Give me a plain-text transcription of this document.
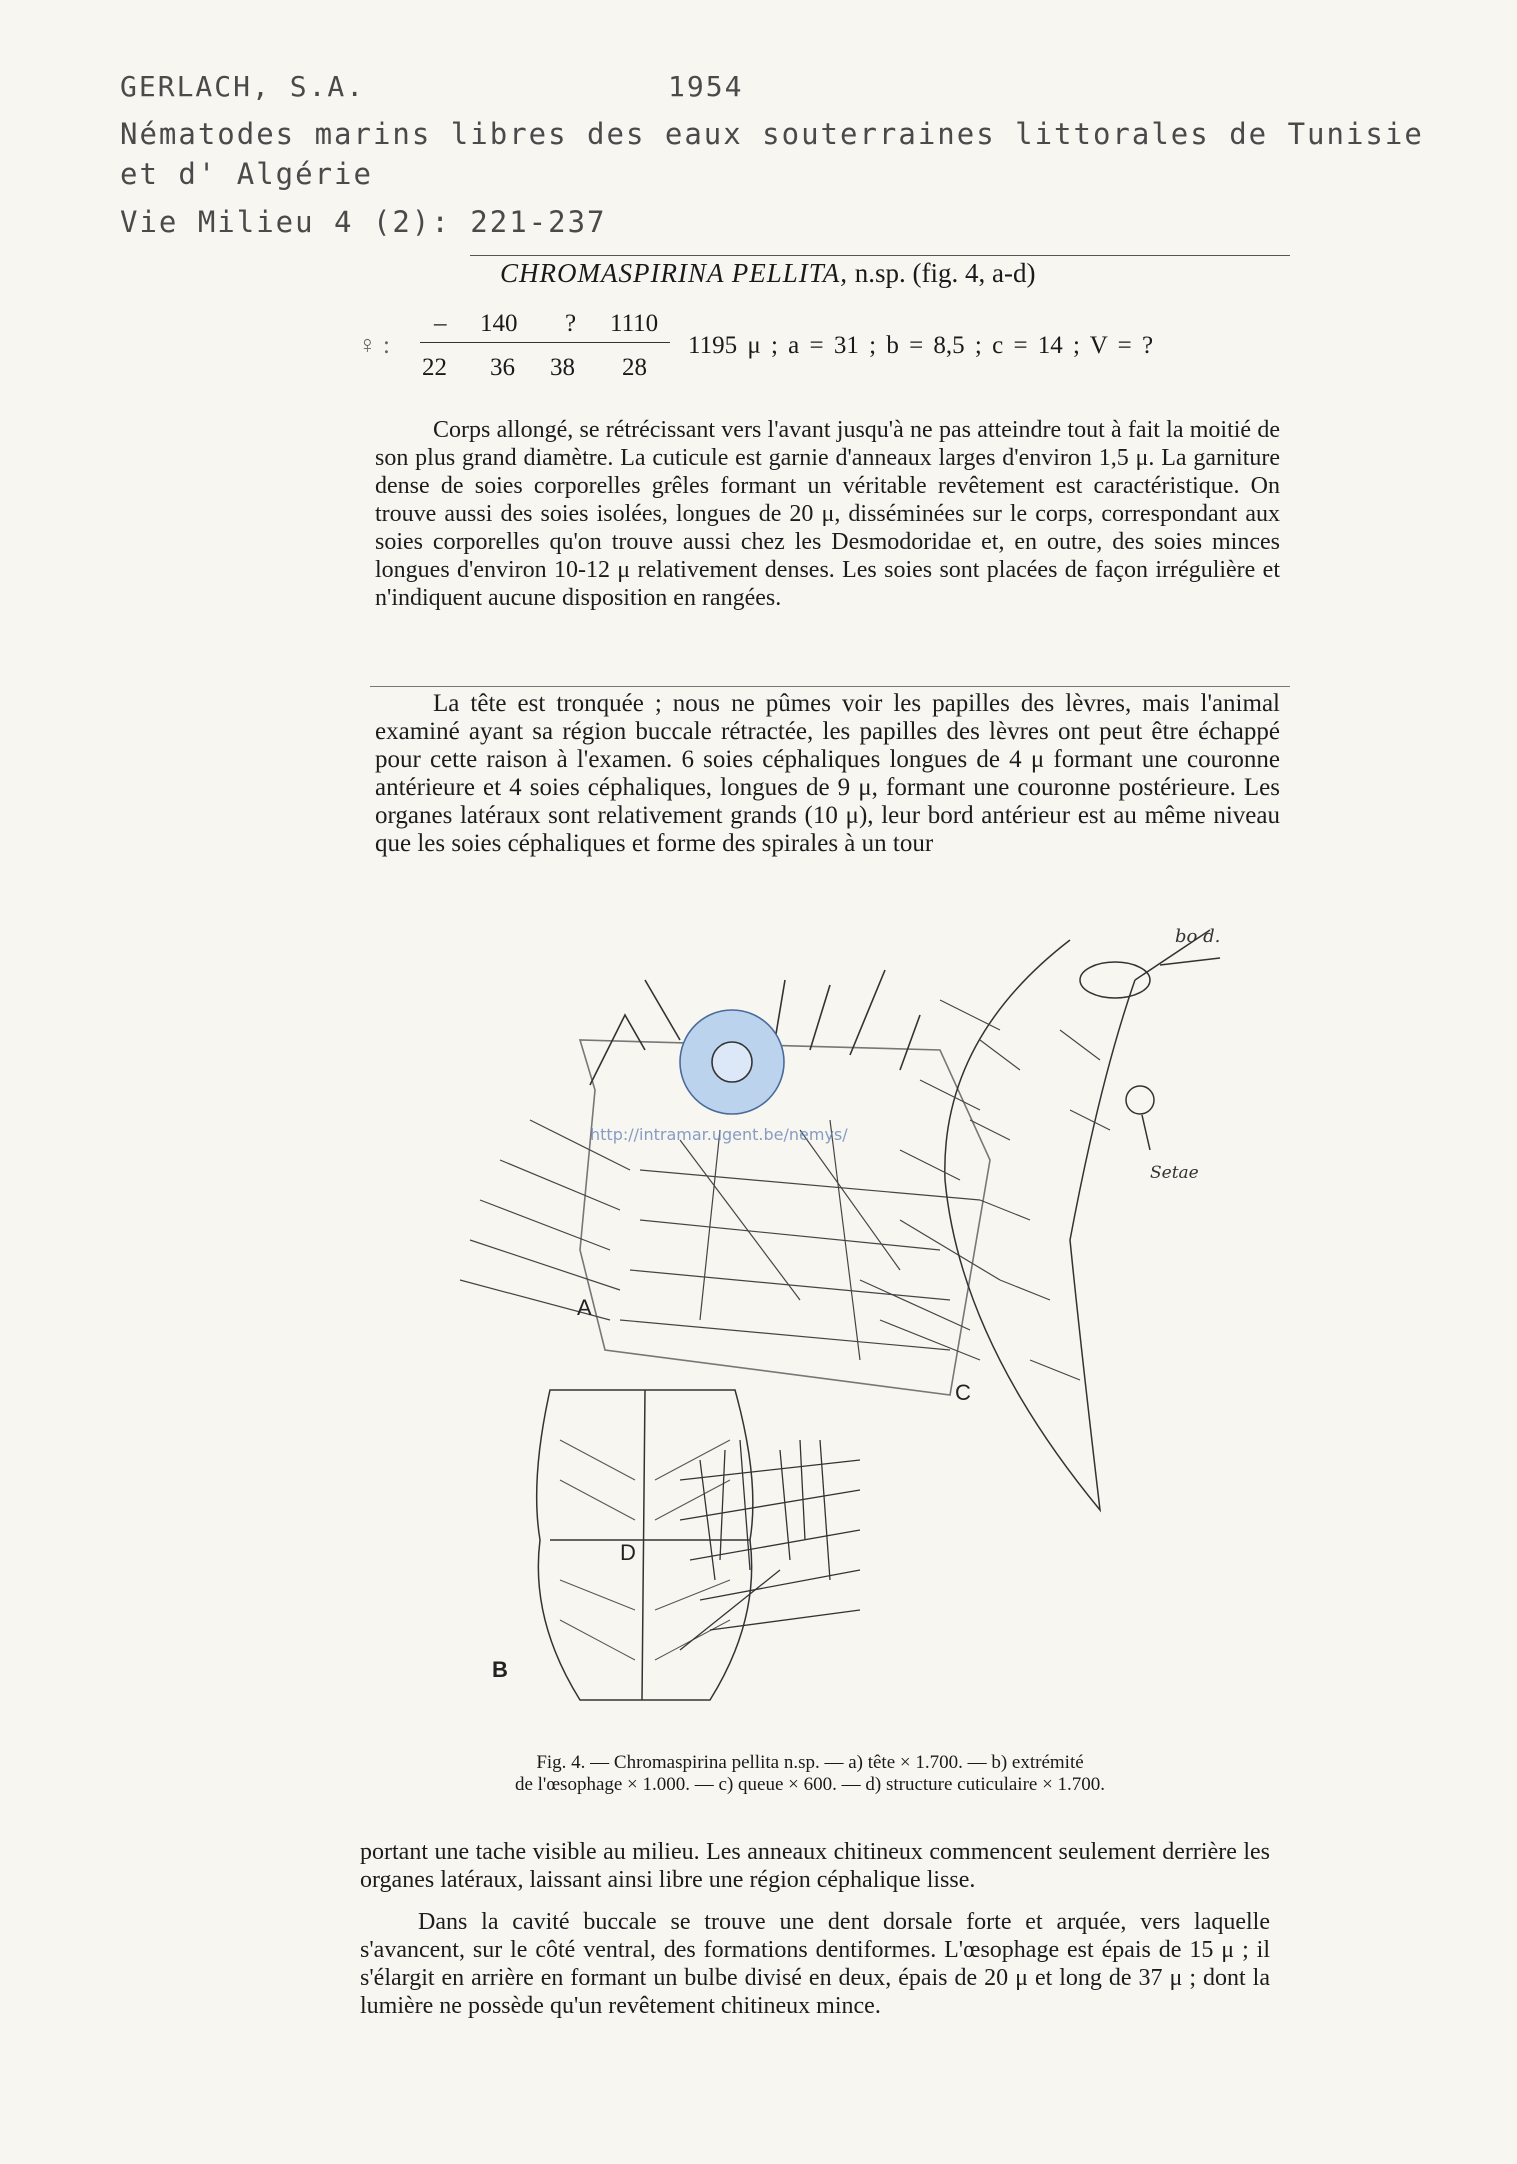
GERLACH, S.A.	1954
Nématodes marins libres des eaux souterraines littorales de Tunisie
et d' Algérie
Vie Milieu 4 (2): 221-237
CHROMASPIRINA PELLITA, n.sp. (fig. 4, a-d)
♀ :
– 140 ? 1110
22 36 38 28
1195 μ ; a = 31 ; b = 8,5 ; c = 14 ; V = ?

Corps allongé, se rétrécissant vers l'avant jusqu'à ne pas atteindre tout à fait la moitié de son plus grand diamètre. La cuticule est garnie d'anneaux larges d'environ 1,5 μ. La garniture dense de soies corporelles grêles formant un véritable revêtement est caractéristique. On trouve aussi des soies isolées, longues de 20 μ, disséminées sur le corps, correspondant aux soies corporelles qu'on trouve aussi chez les Desmodoridae et, en outre, des soies minces longues d'environ 10-12 μ relativement denses. Les soies sont placées de façon irrégulière et n'indiquent aucune disposition en rangées.

La tête est tronquée ; nous ne pûmes voir les papilles des lèvres, mais l'animal examiné ayant sa région buccale rétractée, les papilles des lèvres ont peut être échappé pour cette raison à l'examen. 6 soies céphaliques longues de 4 μ formant une couronne antérieure et 4 soies céphaliques, longues de 9 μ, formant une couronne postérieure. Les organes latéraux sont relativement grands (10 μ), leur bord antérieur est au même niveau que les soies céphaliques et forme des spirales à un tour

A
C
bo d.
Setae
B
D
http://intramar.ugent.be/nemys/
Fig. 4. — Chromaspirina pellita n.sp. — a) tête × 1.700. — b) extrémité
de l'œsophage × 1.000. — c) queue × 600. — d) structure cuticulaire × 1.700.

portant une tache visible au milieu. Les anneaux chitineux commencent seulement derrière les organes latéraux, laissant ainsi libre une région céphalique lisse.

Dans la cavité buccale se trouve une dent dorsale forte et arquée, vers laquelle s'avancent, sur le côté ventral, des formations dentiformes. L'œsophage est épais de 15 μ ; il s'élargit en arrière en formant un bulbe divisé en deux, épais de 20 μ et long de 37 μ ; dont la lumière ne possède qu'un revêtement chitineux mince.
